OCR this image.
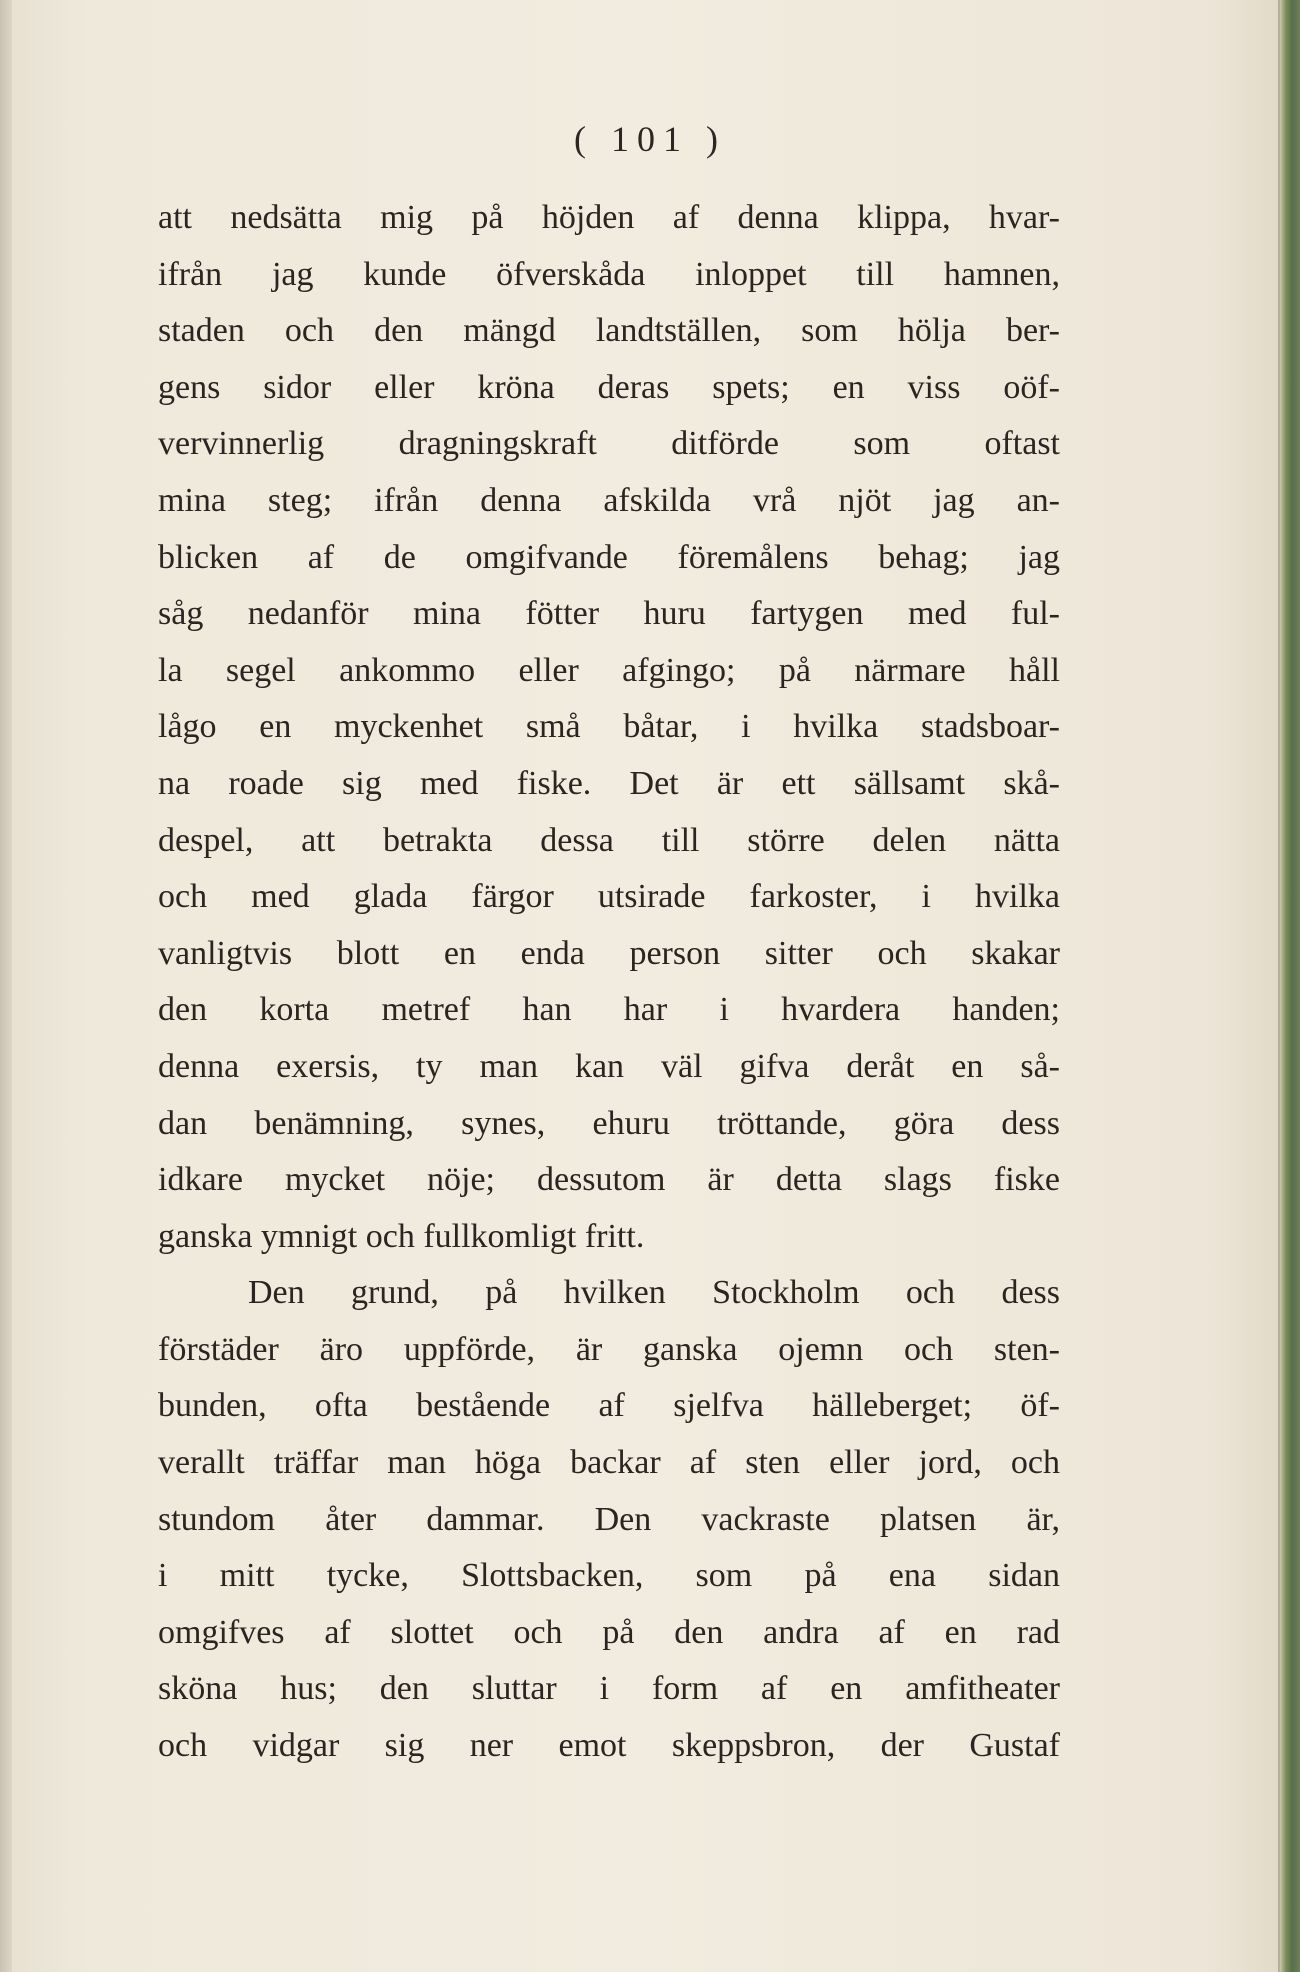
( 101 )
att nedsätta mig på höjden af denna klippa, hvar-
ifrån jag kunde öfverskåda inloppet till hamnen,
staden och den mängd landtställen, som hölja ber-
gens sidor eller kröna deras spets; en viss oöf-
vervinnerlig dragningskraft ditförde som oftast
mina steg; ifrån denna afskilda vrå njöt jag an-
blicken af de omgifvande föremålens behag; jag
såg nedanför mina fötter huru fartygen med ful-
la segel ankommo eller afgingo; på närmare håll
lågo en myckenhet små båtar, i hvilka stadsboar-
na roade sig med fiske. Det är ett sällsamt skå-
despel, att betrakta dessa till större delen nätta
och med glada färgor utsirade farkoster, i hvilka
vanligtvis blott en enda person sitter och skakar
den korta metref han har i hvardera handen;
denna exersis, ty man kan väl gifva deråt en så-
dan benämning, synes, ehuru tröttande, göra dess
idkare mycket nöje; dessutom är detta slags fiske
ganska ymnigt och fullkomligt fritt.
Den grund, på hvilken Stockholm och dess
förstäder äro uppförde, är ganska ojemn och sten-
bunden, ofta bestående af sjelfva hälleberget; öf-
verallt träffar man höga backar af sten eller jord, och
stundom åter dammar. Den vackraste platsen är,
i mitt tycke, Slottsbacken, som på ena sidan
omgifves af slottet och på den andra af en rad
sköna hus; den sluttar i form af en amfitheater
och vidgar sig ner emot skeppsbron, der Gustaf
